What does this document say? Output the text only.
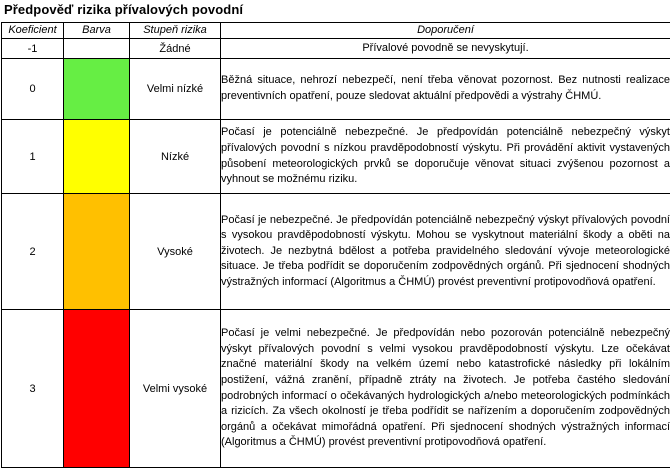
Předpověď rizika přívalových povodní
Koeficient	Barva	Stupeň rizika	Doporučení
-1		Žádné	Přívalové povodně se nevyskytují.
0		Velmi nízké	Běžná situace, nehrozí nebezpečí, není třeba věnovat pozornost. Bez nutnosti realizace preventivních opatření, pouze sledovat aktuální předpovědi a výstrahy ČHMÚ.
1		Nízké	Počasí je potenciálně nebezpečné. Je předpovídán potenciálně nebezpečný výskyt přívalových povodní s nízkou pravděpodobností výskytu. Při provádění aktivit vystavených působení meteorologických prvků se doporučuje věnovat situaci zvýšenou pozornost a vyhnout se možnému riziku.
2		Vysoké	Počasí je nebezpečné. Je předpovídán potenciálně nebezpečný výskyt přívalových povodní s vysokou pravděpodobností výskytu. Mohou se vyskytnout materiální škody a oběti na životech. Je nezbytná bdělost a potřeba pravidelného sledování vývoje meteorologické situace. Je třeba podřídit se doporučením zodpovědných orgánů. Při sjednocení shodných výstražných informací (Algoritmus a ČHMÚ) provést preventivní protipovodňová opatření.
3		Velmi vysoké	Počasí je velmi nebezpečné. Je předpovídán nebo pozorován potenciálně nebezpečný výskyt přívalových povodní s velmi vysokou pravděpodobností výskytu. Lze očekávat značné materiální škody na velkém území nebo katastrofické následky při lokálním postižení, vážná zranění, případně ztráty na životech. Je potřeba častého sledování podrobných informací o očekávaných hydrologických a/nebo meteorologických podmínkách a rizicích. Za všech okolností je třeba podřídit se nařízením a doporučením zodpovědných orgánů a očekávat mimořádná opatření. Při sjednocení shodných výstražných informací (Algoritmus a ČHMÚ) provést preventivní protipovodňová opatření.
